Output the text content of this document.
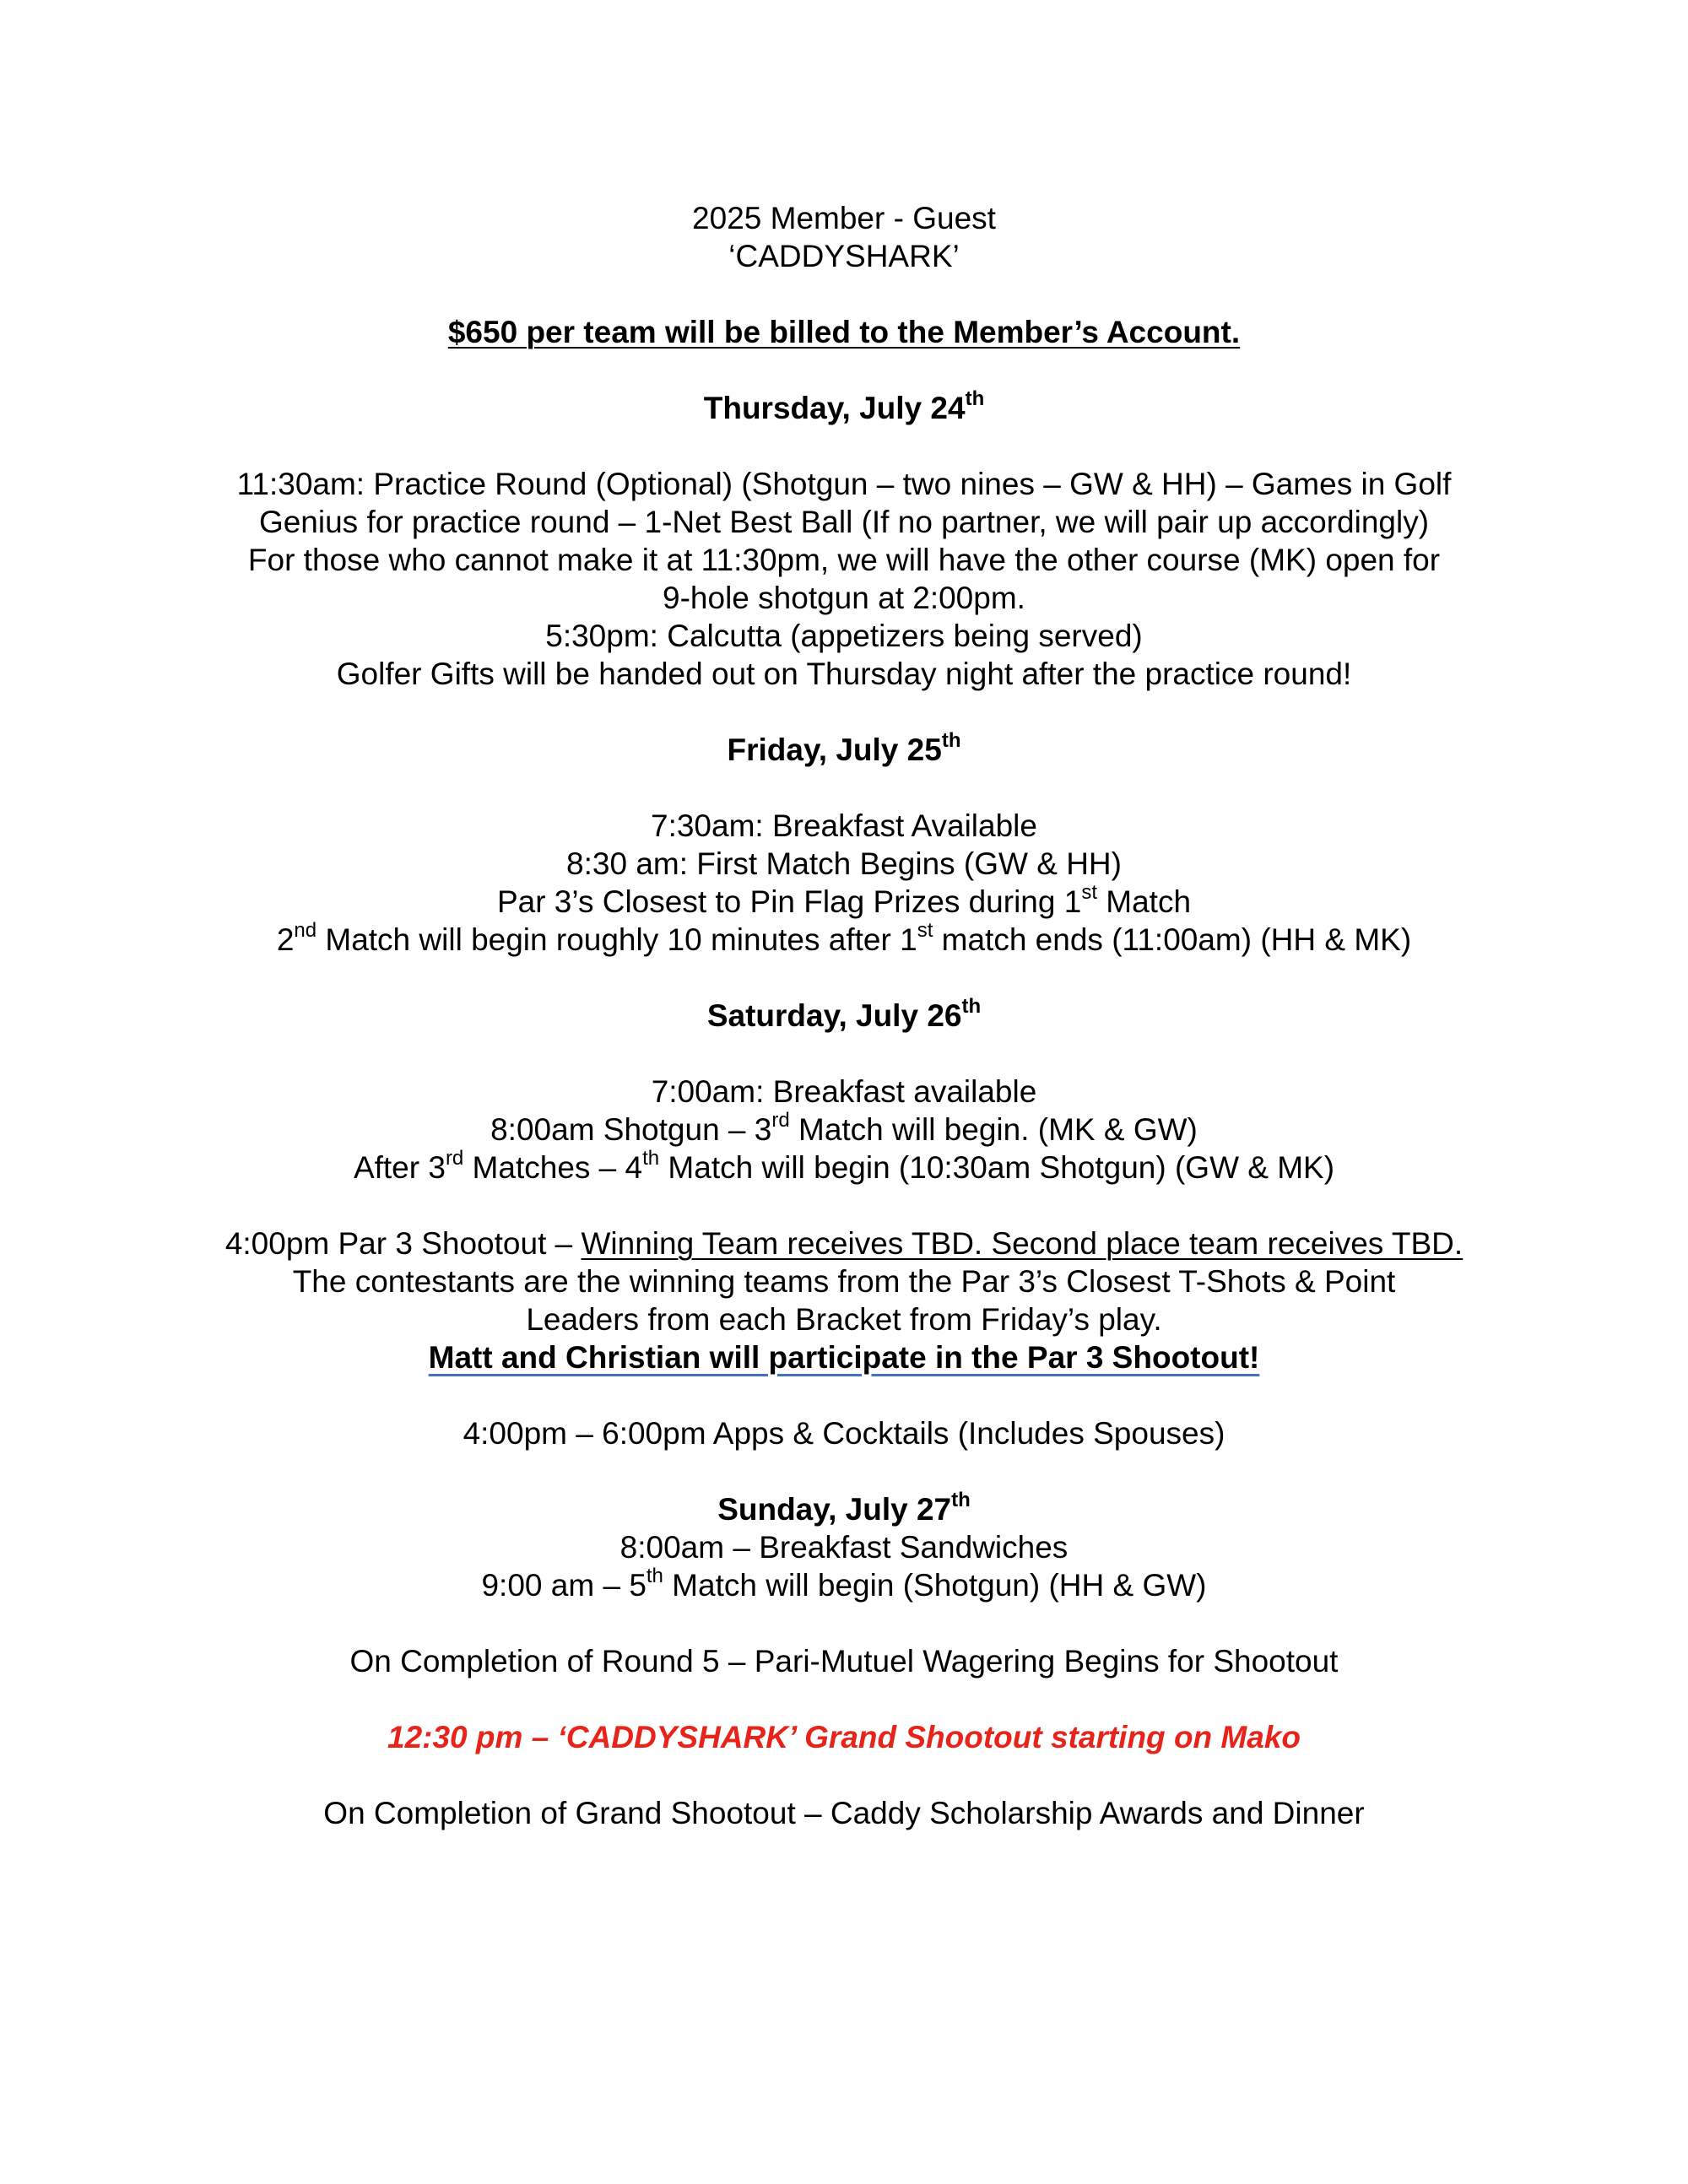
2025 Member - Guest
‘CADDYSHARK’
$650 per team will be billed to the Member’s Account.
Thursday, July 24th
11:30am: Practice Round (Optional) (Shotgun – two nines – GW & HH) – Games in Golf
Genius for practice round – 1-Net Best Ball (If no partner, we will pair up accordingly)
For those who cannot make it at 11:30pm, we will have the other course (MK) open for
9-hole shotgun at 2:00pm.
5:30pm: Calcutta (appetizers being served)
Golfer Gifts will be handed out on Thursday night after the practice round!
Friday, July 25th
7:30am: Breakfast Available
8:30 am: First Match Begins (GW & HH)
Par 3’s Closest to Pin Flag Prizes during 1st Match
2nd Match will begin roughly 10 minutes after 1st match ends (11:00am) (HH & MK)
Saturday, July 26th
7:00am: Breakfast available
8:00am Shotgun – 3rd Match will begin. (MK & GW)
After 3rd Matches – 4th Match will begin (10:30am Shotgun) (GW & MK)
4:00pm Par 3 Shootout – Winning Team receives TBD. Second place team receives TBD.
The contestants are the winning teams from the Par 3’s Closest T-Shots & Point
Leaders from each Bracket from Friday’s play.
Matt and Christian will participate in the Par 3 Shootout!
4:00pm – 6:00pm Apps & Cocktails (Includes Spouses)
Sunday, July 27th
8:00am – Breakfast Sandwiches
9:00 am – 5th Match will begin (Shotgun) (HH & GW)
On Completion of Round 5 – Pari-Mutuel Wagering Begins for Shootout
12:30 pm – ‘CADDYSHARK’ Grand Shootout starting on Mako
On Completion of Grand Shootout – Caddy Scholarship Awards and Dinner
